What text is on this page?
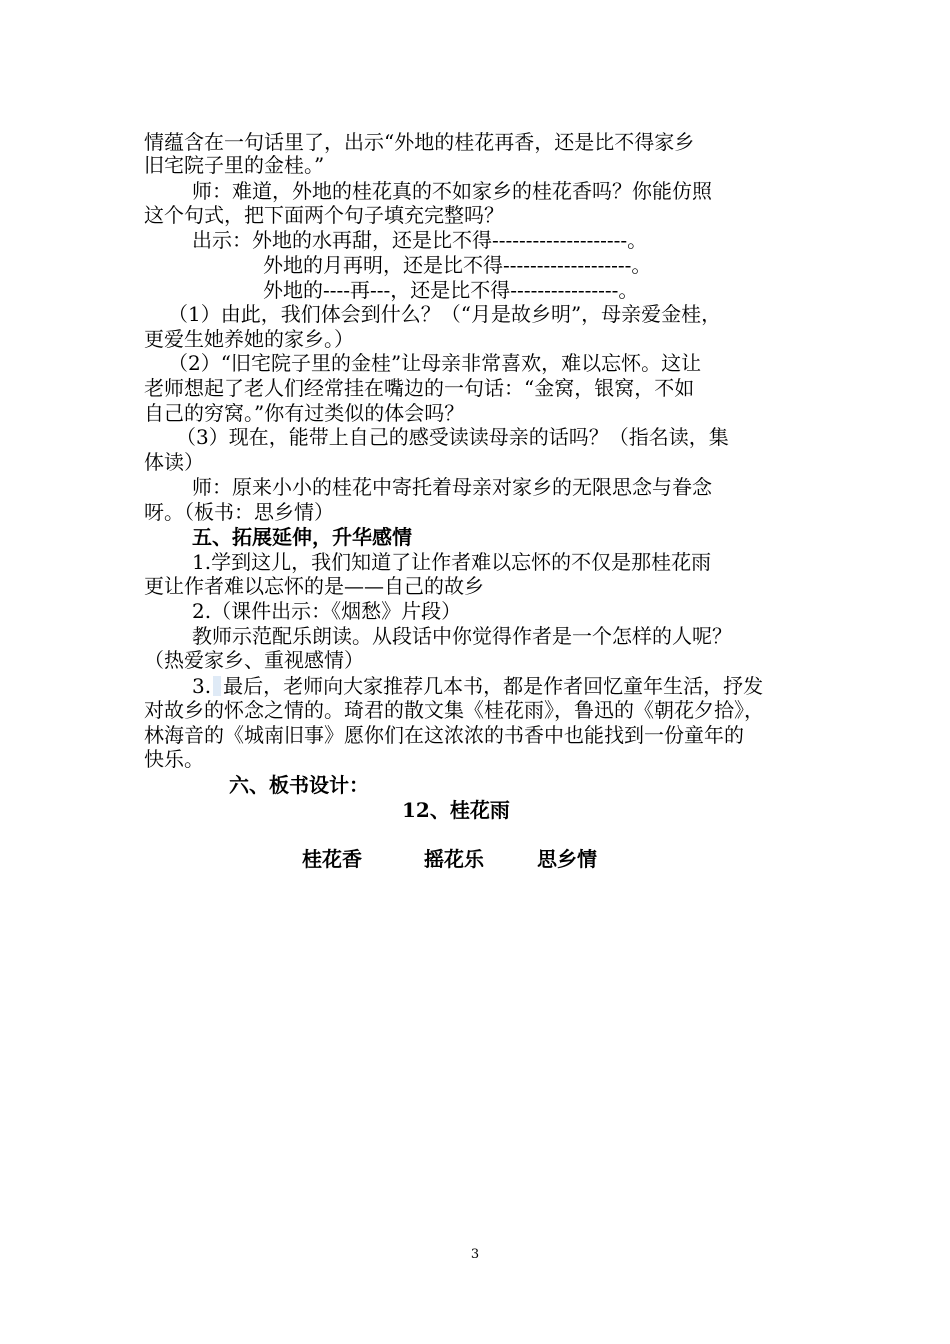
情蕴含在一句话里了，出示“外地的桂花再香，还是比不得家乡
旧宅院子里的金桂。”
师：难道，外地的桂花真的不如家乡的桂花香吗？你能仿照
这个句式，把下面两个句子填充完整吗？
出示：外地的水再甜，还是比不得--------------------。
外地的月再明，还是比不得-------------------。
外地的----再---，还是比不得----------------。
（1）由此，我们体会到什么？（“月是故乡明”，母亲爱金桂，
更爱生她养她的家乡。）
（2）“旧宅院子里的金桂”让母亲非常喜欢，难以忘怀。这让
老师想起了老人们经常挂在嘴边的一句话：“金窝，银窝，不如
自己的穷窝。”你有过类似的体会吗？
（3）现在，能带上自己的感受读读母亲的话吗？（指名读，集
体读）
师：原来小小的桂花中寄托着母亲对家乡的无限思念与眷念
呀。（板书：思乡情）
五、拓展延伸，升华感情
1.学到这儿，我们知道了让作者难以忘怀的不仅是那桂花雨
更让作者难以忘怀的是——自己的故乡
2.（课件出示：《烟愁》片段）
教师示范配乐朗读。从段话中你觉得作者是一个怎样的人呢？
（热爱家乡、重视感情）
3. 最后，老师向大家推荐几本书，都是作者回忆童年生活，抒发
对故乡的怀念之情的。琦君的散文集《桂花雨》，鲁迅的《朝花夕拾》，
林海音的《城南旧事》愿你们在这浓浓的书香中也能找到一份童年的
快乐。
六、板书设计：
12、桂花雨
桂花香	摇花乐	思乡情
3
